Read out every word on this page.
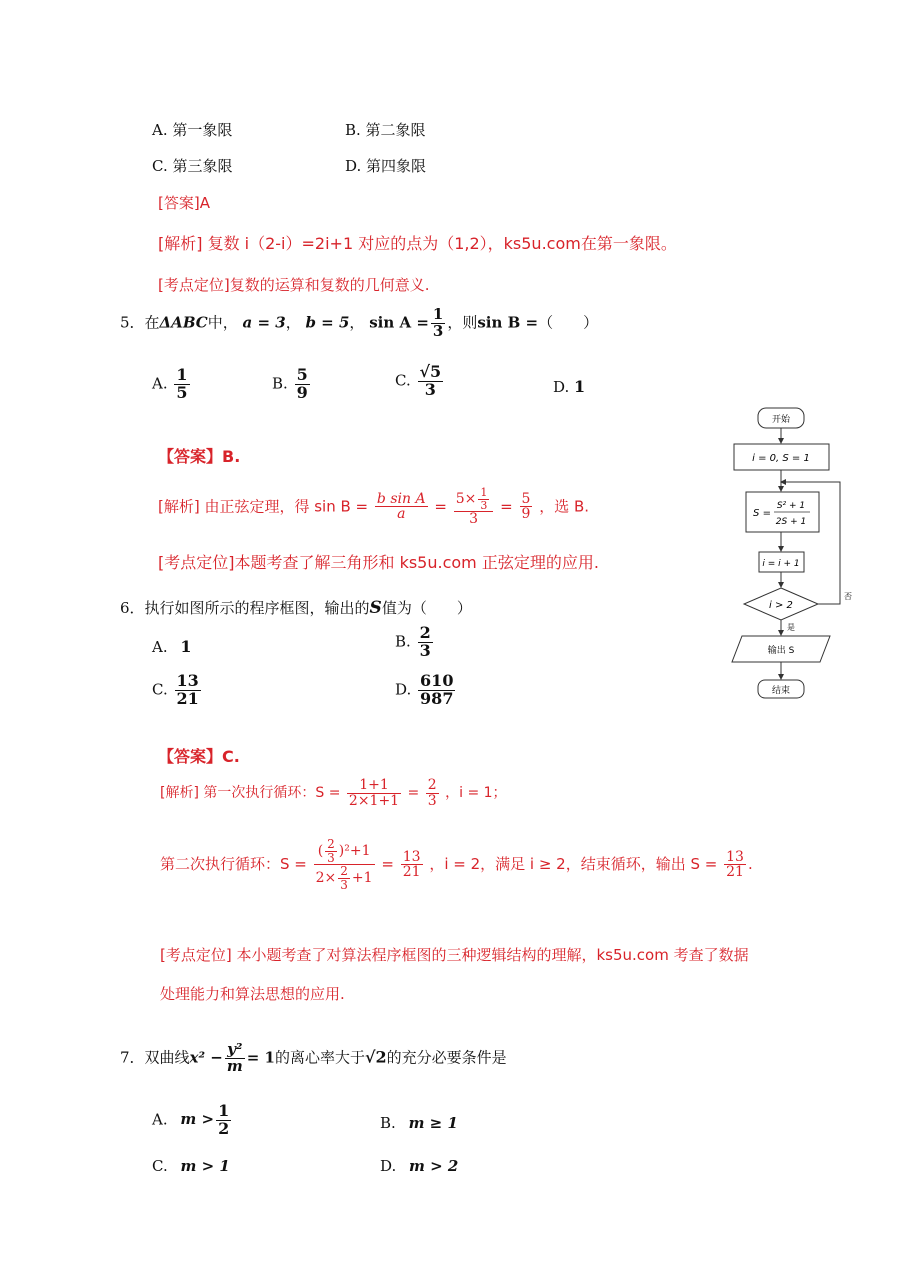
A. 第一象限	B. 第二象限
C. 第三象限	D. 第四象限
[答案]A
[解析] 复数 i（2-i）=2i+1 对应的点为（1,2），ks5u.com在第一象限。
[考点定位]复数的运算和复数的几何意义.
5．在ΔABC中， a = 3， b = 5， $\sin A = \frac{1}{3}$ ，则sin B =（　　）
A. $\frac{1}{5}$	B. $\frac{5}{9}$	C. $\frac{√5}{3}$	D. 1
【答案】B.
[解析] 由正弦定理，得 $\sin B = \frac{\text{b sin A}}{a} = \frac{5\times \frac{1}{3}}{3} = \frac{5}{9}$ ，选 B.
[考点定位]本题考查了解三角形和 ks5u.com 正弦定理的应用.
开始
i = 0, S = 1
S =
S² + 1
2S + 1
i = i + 1
i > 2
否
是
输出 S
结束
6．执行如图所示的程序框图，输出的S值为（　　）
A. 1	B. $\frac{2}{3}$
C. $\frac{13}{21}$	D. $\frac{610}{987}$
【答案】C.
[解析] 第一次执行循环：$S = \frac{1+1}{2\times 1+1} = \frac{2}{3}$ ，i = 1；
第二次执行循环：$S = \frac{( \frac{2}{3} )^2+1}{2\times \frac{2}{3} +1} = \frac{13}{21}$ ，i = 2，满足 i ≥ 2，结束循环，输出 $S = \frac{13}{21}$ .
[考点定位] 本小题考查了对算法程序框图的三种逻辑结构的理解，ks5u.com 考查了数据
处理能力和算法思想的应用.
7．双曲线$x^2 - \frac{\text{y²}}{m} = 1$的离心率大于√2的充分必要条件是
A. $m > \frac{1}{2}$	B. m ≥ 1
C. m > 1	D. m > 2
